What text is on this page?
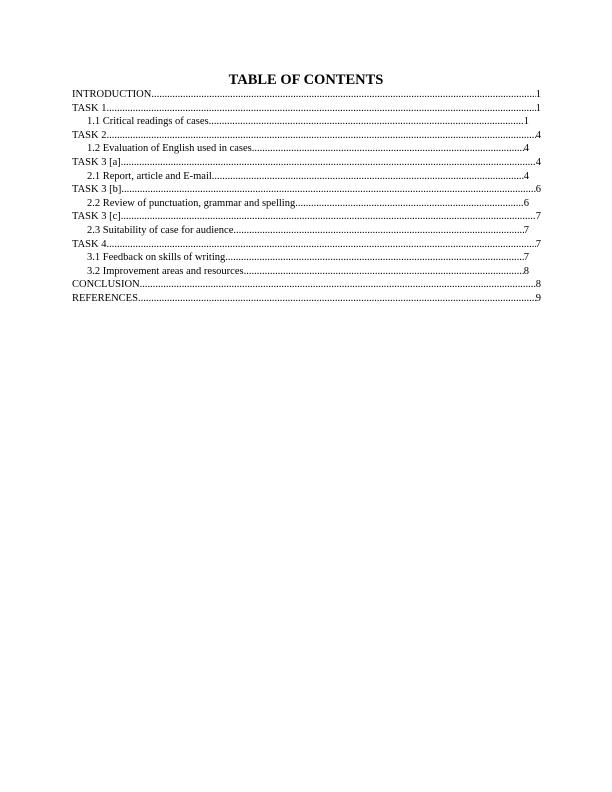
TABLE OF CONTENTS
INTRODUCTION .....	1
TASK 1 .....	1
1.1 Critical readings of cases .....	1
TASK 2 .....	4
1.2 Evaluation of English used in cases .....	4
TASK 3 [a] .....	4
2.1 Report, article and E-mail .....	4
TASK 3 [b] .....	6
2.2 Review of punctuation, grammar and spelling .....	6
TASK 3 [c] .....	7
2.3 Suitability of case for audience .....	7
TASK 4 .....	7
3.1 Feedback on skills of writing .....	7
3.2 Improvement areas and resources .....	8
CONCLUSION .....	8
REFERENCES .....	9
